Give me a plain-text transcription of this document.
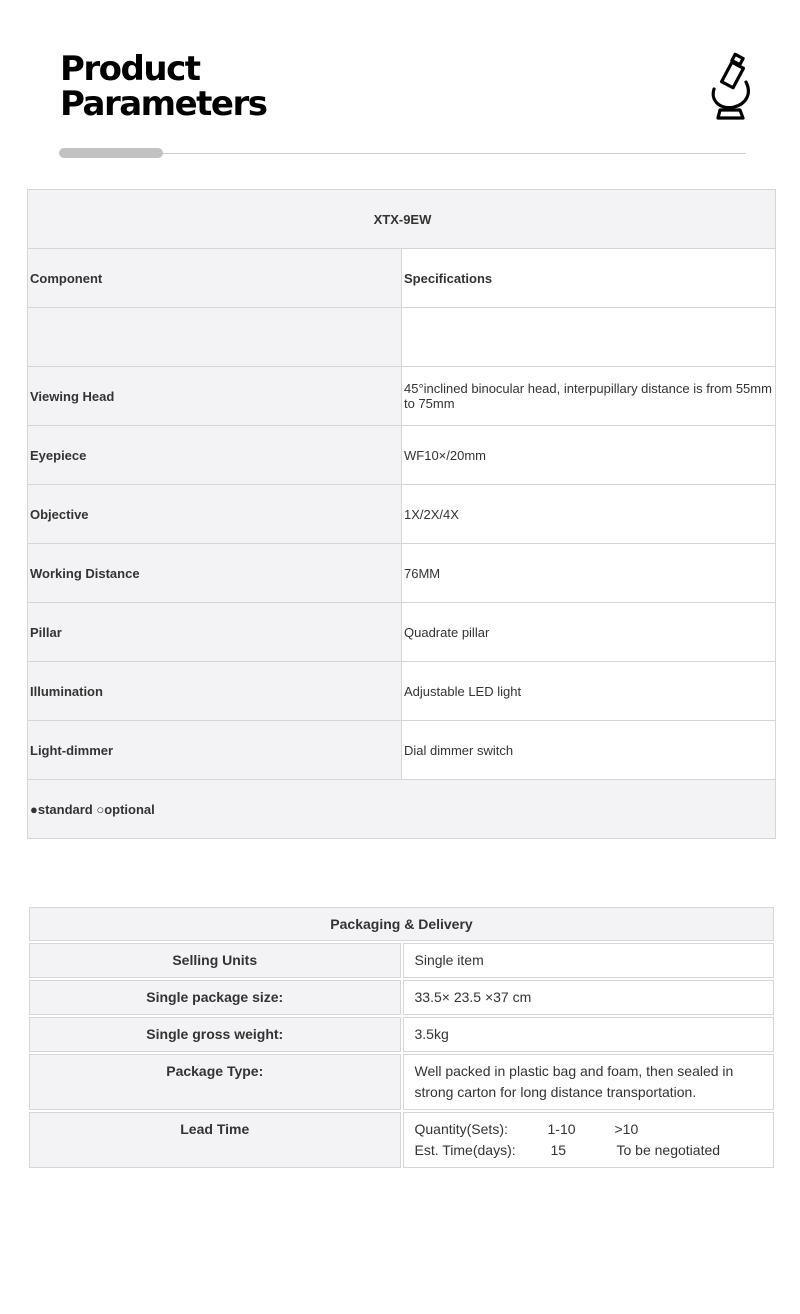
Product
Parameters
XTX-9EW	
Component	Specifications

Viewing Head	45°inclined binocular head, interpupillary distance is from 55mm to 75mm
Eyepiece	WF10×/20mm
Objective	1X/2X/4X
Working Distance	76MM
Pillar	Quadrate pillar
Illumination	Adjustable LED light
Light-dimmer	Dial dimmer switch
●standard ○optional	
Packaging & Delivery	
Selling Units	Single item
Single package size:	33.5× 23.5 ×37 cm
Single gross weight:	3.5kg
Package Type:	Well packed in plastic bag and foam, then sealed in strong carton for long distance transportation.
Lead Time	Quantity(Sets): 1-10 >10
Est. Time(days): 15 To be negotiated
